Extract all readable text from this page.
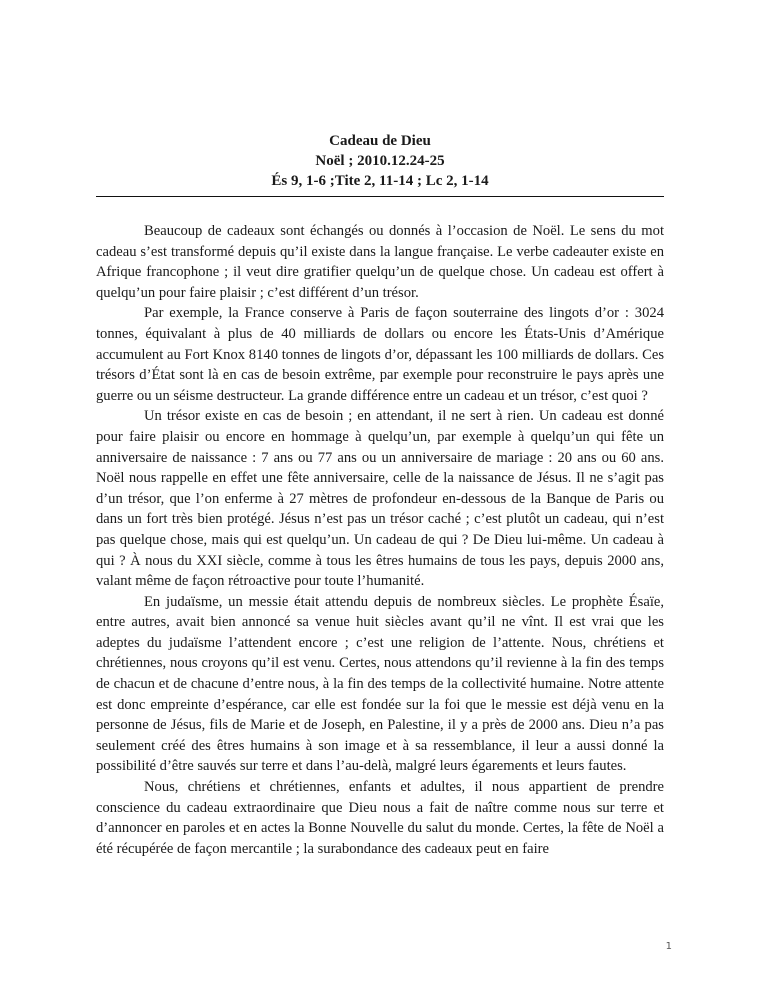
Cadeau de Dieu
Noël ; 2010.12.24-25
És 9, 1-6 ;Tite 2, 11-14 ; Lc 2, 1-14

Beaucoup de cadeaux sont échangés ou donnés à l’occasion de Noël. Le sens du mot cadeau s’est transformé depuis qu’il existe dans la langue française. Le verbe cadeauter existe en Afrique francophone ; il veut dire gratifier quelqu’un de quelque chose. Un cadeau est offert à quelqu’un pour faire plaisir ; c’est différent d’un trésor.

Par exemple, la France conserve à Paris de façon souterraine des lingots d’or : 3024 tonnes, équivalant à plus de 40 milliards de dollars ou encore les États-Unis d’Amérique accumulent au Fort Knox 8140 tonnes de lingots d’or, dépassant les 100 milliards de dollars. Ces trésors d’État sont là en cas de besoin extrême, par exemple pour reconstruire le pays après une guerre ou un séisme destructeur. La grande différence entre un cadeau et un trésor, c’est quoi ?

Un trésor existe en cas de besoin ; en attendant, il ne sert à rien. Un cadeau est donné pour faire plaisir ou encore en hommage à quelqu’un, par exemple à quelqu’un qui fête un anniversaire de naissance : 7 ans ou 77 ans ou un anniversaire de mariage : 20 ans ou 60 ans. Noël nous rappelle en effet une fête anniversaire, celle de la naissance de Jésus. Il ne s’agit pas d’un trésor, que l’on enferme à 27 mètres de profondeur en-dessous de la Banque de Paris ou dans un fort très bien protégé. Jésus n’est pas un trésor caché ; c’est plutôt un cadeau, qui n’est pas quelque chose, mais qui est quelqu’un. Un cadeau de qui ? De Dieu lui-même. Un cadeau à qui ? À nous du XXI siècle, comme à tous les êtres humains de tous les pays, depuis 2000 ans, valant même de façon rétroactive pour toute l’humanité.

En judaïsme, un messie était attendu depuis de nombreux siècles. Le prophète Ésaïe, entre autres, avait bien annoncé sa venue huit siècles avant qu’il ne vînt. Il est vrai que les adeptes du judaïsme l’attendent encore ; c’est une religion de l’attente. Nous, chrétiens et chrétiennes, nous croyons qu’il est venu. Certes, nous attendons qu’il revienne à la fin des temps de chacun et de chacune d’entre nous, à la fin des temps de la collectivité humaine. Notre attente est donc empreinte d’espérance, car elle est fondée sur la foi que le messie est déjà venu en la personne de Jésus, fils de Marie et de Joseph, en Palestine, il y a près de 2000 ans. Dieu n’a pas seulement créé des êtres humains à son image et à sa ressemblance, il leur a aussi donné la possibilité d’être sauvés sur terre et dans l’au-delà, malgré leurs égarements et leurs fautes.

Nous, chrétiens et chrétiennes, enfants et adultes, il nous appartient de prendre conscience du cadeau extraordinaire que Dieu nous a fait de naître comme nous sur terre et d’annoncer en paroles et en actes la Bonne Nouvelle du salut du monde. Certes, la fête de Noël a été récupérée de façon mercantile ; la surabondance des cadeaux peut en faire

1
